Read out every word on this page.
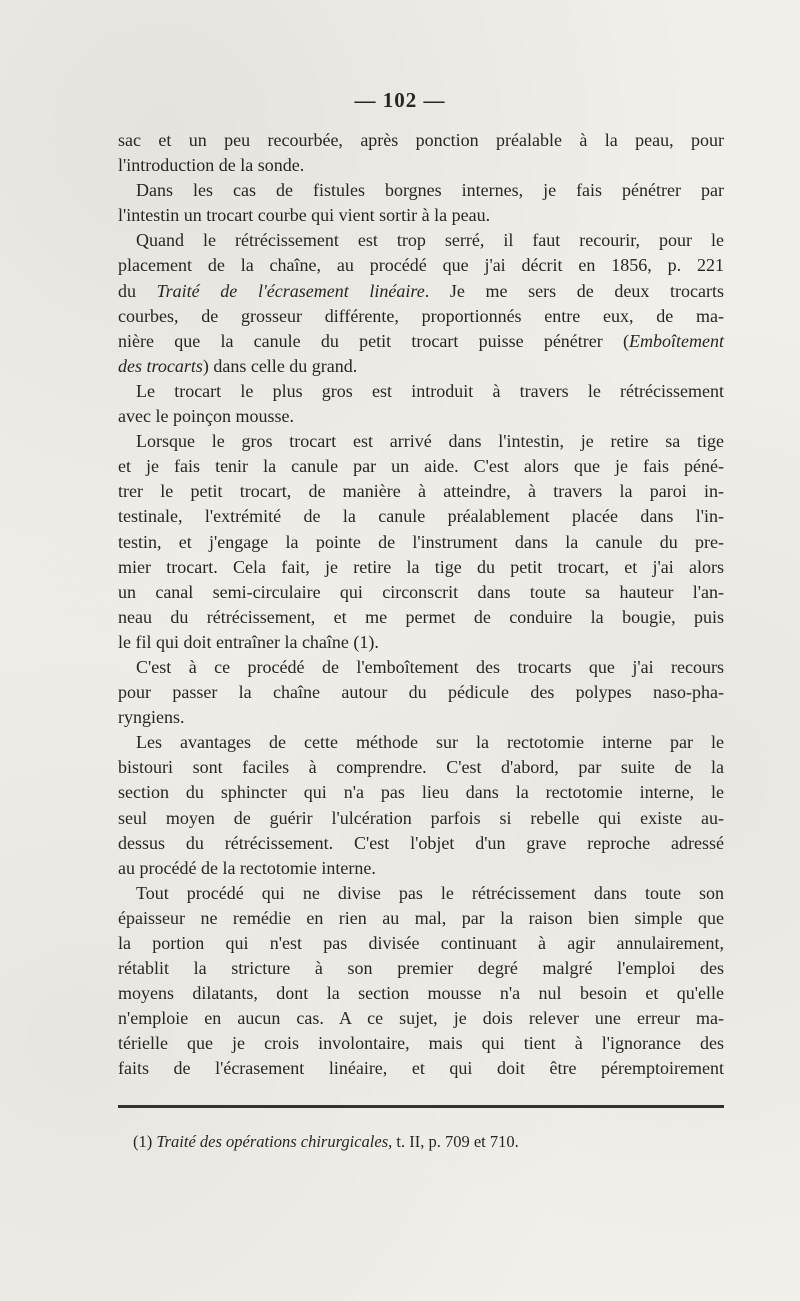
— 102 —
sac et un peu recourbée, après ponction préalable à la peau, pour
l'introduction de la sonde.
Dans les cas de fistules borgnes internes, je fais pénétrer par
l'intestin un trocart courbe qui vient sortir à la peau.
Quand le rétrécissement est trop serré, il faut recourir, pour le
placement de la chaîne, au procédé que j'ai décrit en 1856, p. 221
du Traité de l'écrasement linéaire. Je me sers de deux trocarts
courbes, de grosseur différente, proportionnés entre eux, de ma-
nière que la canule du petit trocart puisse pénétrer (Emboîtement
des trocarts) dans celle du grand.
Le trocart le plus gros est introduit à travers le rétrécissement
avec le poinçon mousse.
Lorsque le gros trocart est arrivé dans l'intestin, je retire sa tige
et je fais tenir la canule par un aide. C'est alors que je fais péné-
trer le petit trocart, de manière à atteindre, à travers la paroi in-
testinale, l'extrémité de la canule préalablement placée dans l'in-
testin, et j'engage la pointe de l'instrument dans la canule du pre-
mier trocart. Cela fait, je retire la tige du petit trocart, et j'ai alors
un canal semi-circulaire qui circonscrit dans toute sa hauteur l'an-
neau du rétrécissement, et me permet de conduire la bougie, puis
le fil qui doit entraîner la chaîne (1).
C'est à ce procédé de l'emboîtement des trocarts que j'ai recours
pour passer la chaîne autour du pédicule des polypes naso-pha-
ryngiens.
Les avantages de cette méthode sur la rectotomie interne par le
bistouri sont faciles à comprendre. C'est d'abord, par suite de la
section du sphincter qui n'a pas lieu dans la rectotomie interne, le
seul moyen de guérir l'ulcération parfois si rebelle qui existe au-
dessus du rétrécissement. C'est l'objet d'un grave reproche adressé
au procédé de la rectotomie interne.
Tout procédé qui ne divise pas le rétrécissement dans toute son
épaisseur ne remédie en rien au mal, par la raison bien simple que
la portion qui n'est pas divisée continuant à agir annulairement,
rétablit la stricture à son premier degré malgré l'emploi des
moyens dilatants, dont la section mousse n'a nul besoin et qu'elle
n'emploie en aucun cas. A ce sujet, je dois relever une erreur ma-
térielle que je crois involontaire, mais qui tient à l'ignorance des
faits de l'écrasement linéaire, et qui doit être péremptoirement
(1) Traité des opérations chirurgicales, t. II, p. 709 et 710.
